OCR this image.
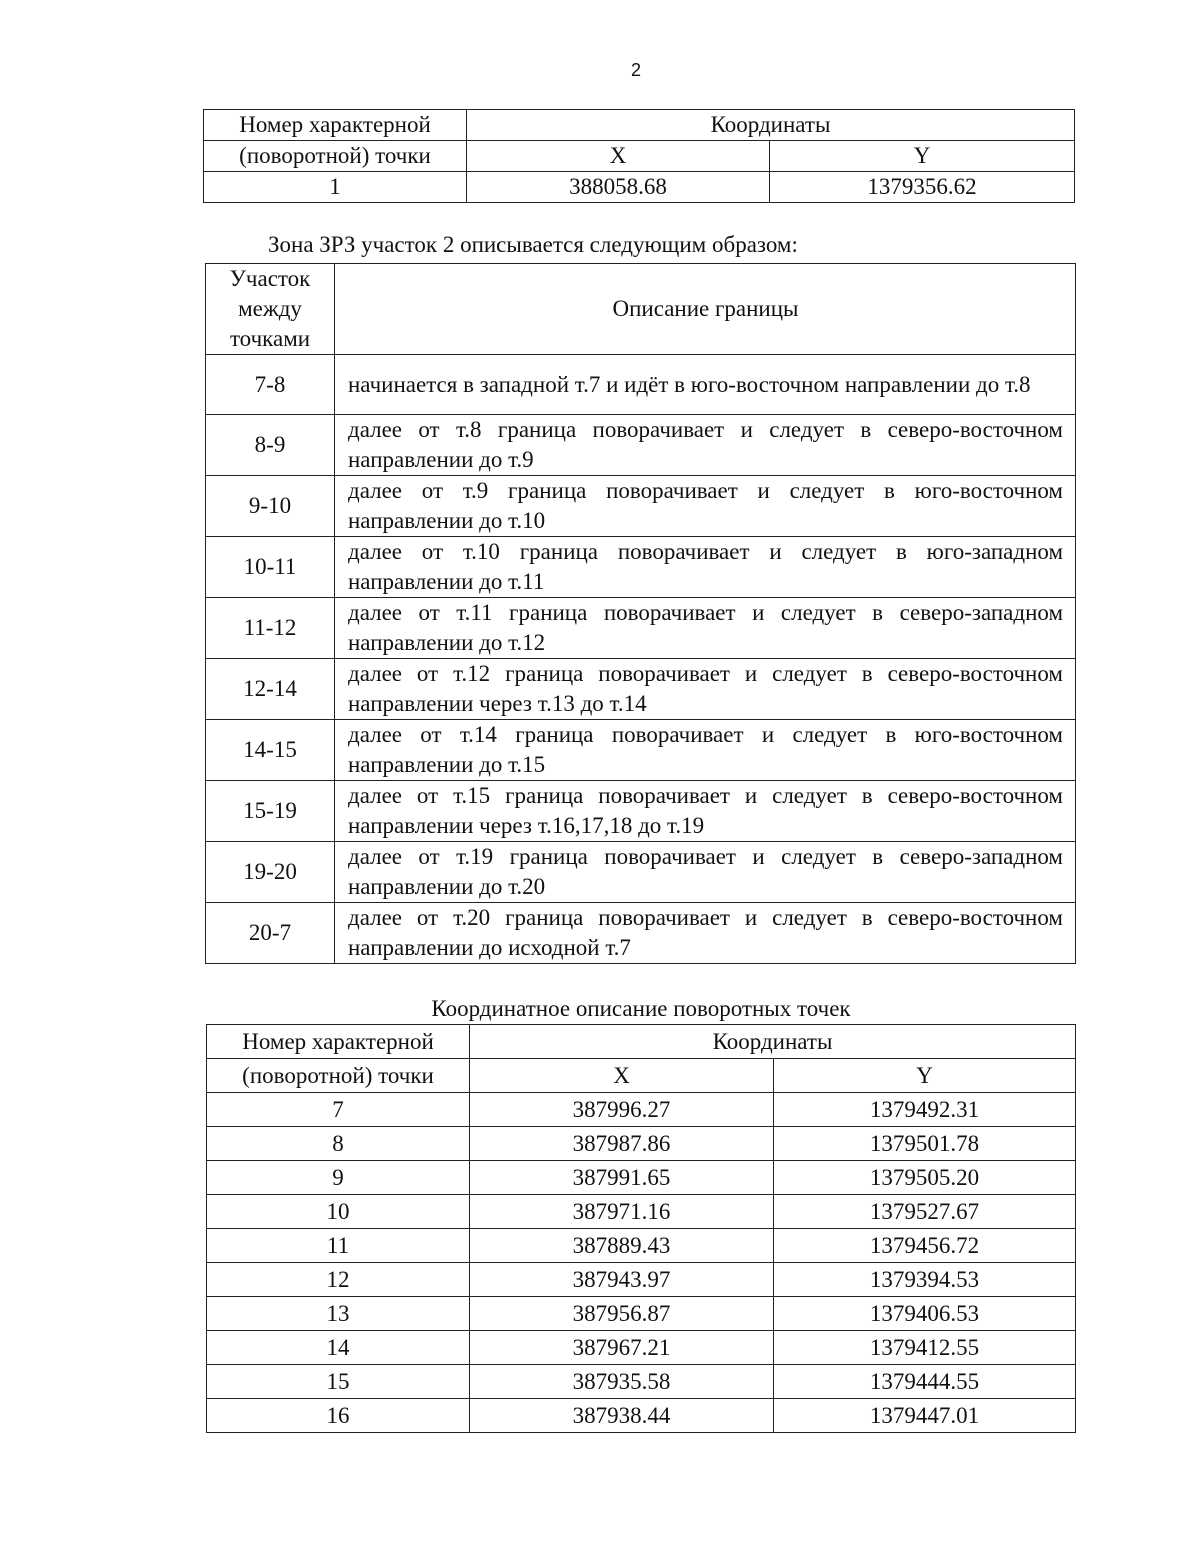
2
Номер характерной	Координаты	
(поворотной) точки	X	Y
1	388058.68	1379356.62
Зона ЗРЗ участок 2 описывается следующим образом:
Участок
между
точками	Описание границы
7-8	начинается в западной т.7 и идёт в юго-восточном направлении до т.8
8-9	далее от т.8 граница поворачивает и следует в северо-восточном направлении до т.9
9-10	далее от т.9 граница поворачивает и следует в юго-восточном направлении до т.10
10-11	далее от т.10 граница поворачивает и следует в юго-западном направлении до т.11
11-12	далее от т.11 граница поворачивает и следует в северо-западном направлении до т.12
12-14	далее от т.12 граница поворачивает и следует в северо-восточном направлении через т.13 до т.14
14-15	далее от т.14 граница поворачивает и следует в юго-восточном направлении до т.15
15-19	далее от т.15 граница поворачивает и следует в северо-восточном направлении через т.16,17,18 до т.19
19-20	далее от т.19 граница поворачивает и следует в северо-западном направлении до т.20
20-7	далее от т.20 граница поворачивает и следует в северо-восточном направлении до исходной т.7
Координатное описание поворотных точек
Номер характерной	Координаты	
(поворотной) точки	X	Y
7	387996.27	1379492.31
8	387987.86	1379501.78
9	387991.65	1379505.20
10	387971.16	1379527.67
11	387889.43	1379456.72
12	387943.97	1379394.53
13	387956.87	1379406.53
14	387967.21	1379412.55
15	387935.58	1379444.55
16	387938.44	1379447.01
